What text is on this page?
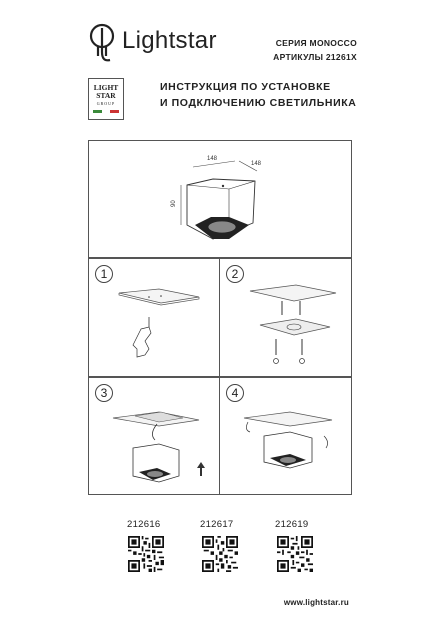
Lightstar	СЕРИЯ MONOCCO
АРТИКУЛЫ 21261X
LIGHT
STAR
GROUP
ИНСТРУКЦИЯ ПО УСТАНОВКЕ
И ПОДКЛЮЧЕНИЮ СВЕТИЛЬНИКА
148
148
90
1	2
3	4
212616	212617	212619
www.lightstar.ru
